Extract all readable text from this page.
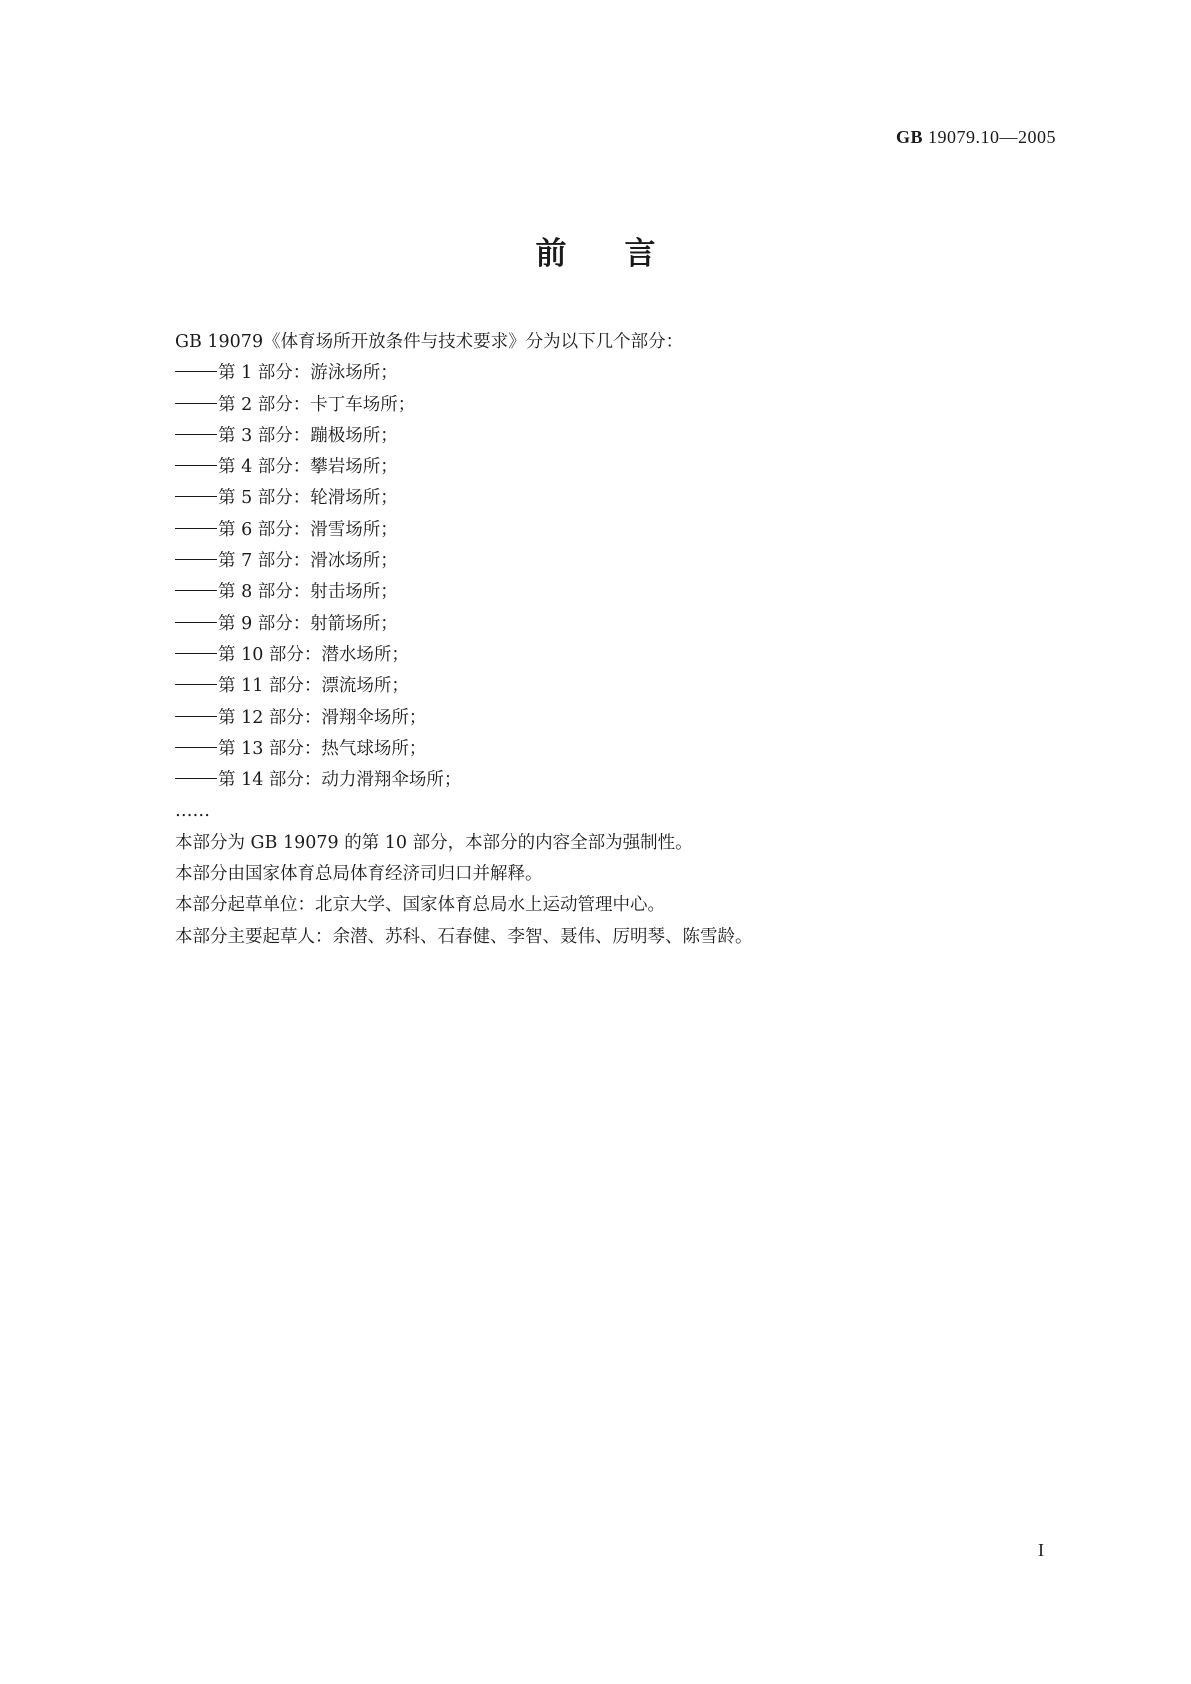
GB 19079.10—2005
前言
GB 19079《体育场所开放条件与技术要求》分为以下几个部分：
第 1 部分：游泳场所；
第 2 部分：卡丁车场所；
第 3 部分：蹦极场所；
第 4 部分：攀岩场所；
第 5 部分：轮滑场所；
第 6 部分：滑雪场所；
第 7 部分：滑冰场所；
第 8 部分：射击场所；
第 9 部分：射箭场所；
第 10 部分：潜水场所；
第 11 部分：漂流场所；
第 12 部分：滑翔伞场所；
第 13 部分：热气球场所；
第 14 部分：动力滑翔伞场所；
……
本部分为 GB 19079 的第 10 部分，本部分的内容全部为强制性。
本部分由国家体育总局体育经济司归口并解释。
本部分起草单位：北京大学、国家体育总局水上运动管理中心。
本部分主要起草人：余潜、苏科、石春健、李智、聂伟、厉明琴、陈雪龄。
I
